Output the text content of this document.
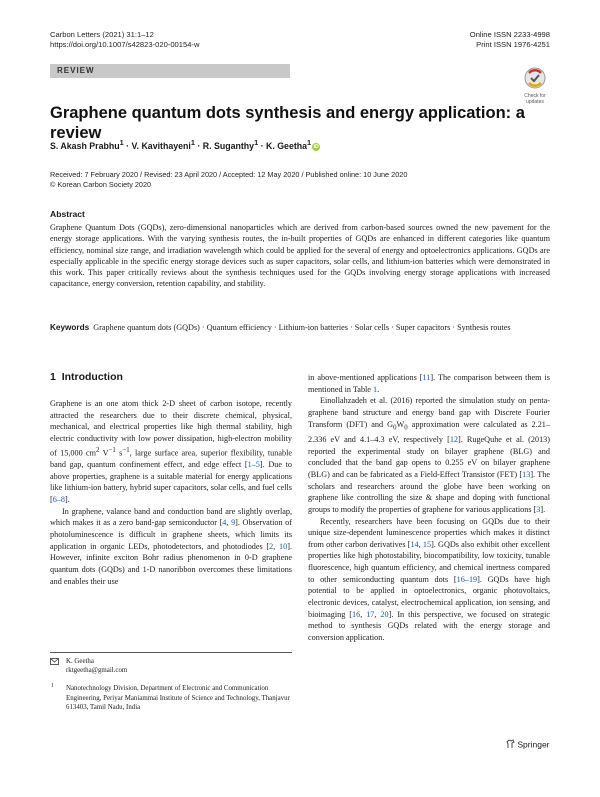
Carbon Letters (2021) 31:1–12
https://doi.org/10.1007/s42823-020-00154-w
Online ISSN 2233-4998
Print ISSN 1976-4251
REVIEW
Check for
updates
Graphene quantum dots synthesis and energy application: a review
S. Akash Prabhu$^1$ · V. Kavithayeni$^1$ · R. Suganthy$^1$ · K. Geetha$^1$ iD
Received: 7 February 2020 / Revised: 23 April 2020 / Accepted: 12 May 2020 / Published online: 10 June 2020
© Korean Carbon Society 2020
Abstract
Graphene Quantum Dots (GQDs), zero-dimensional nanoparticles which are derived from carbon-based sources owned the new pavement for the energy storage applications. With the varying synthesis routes, the in-built properties of GQDs are enhanced in different categories like quantum efficiency, nominal size range, and irradiation wavelength which could be applied for the several of energy and optoelectronics applications. GQDs are especially applicable in the specific energy storage devices such as super capacitors, solar cells, and lithium-ion batteries which were demonstrated in this work. This paper critically reviews about the synthesis techniques used for the GQDs involving energy storage applications with increased capacitance, energy conversion, retention capability, and stability.
Keywords Graphene quantum dots (GQDs) · Quantum efficiency · Lithium-ion batteries · Solar cells · Super capacitors · Synthesis routes
1 Introduction

Graphene is an one atom thick 2-D sheet of carbon isotope, recently attracted the researchers due to their discrete chemical, physical, mechanical, and electrical properties like high thermal stability, high electric conductivity with low power dissipation, high-electron mobility of 15,000 $cm^2$ $V^{-1}$ $s^{-1}$, large surface area, superior flexibility, tunable band gap, quantum confinement effect, and edge effect [1–5]. Due to above properties, graphene is a suitable material for energy applications like lithium-ion battery, hybrid super capacitors, solar cells, and fuel cells [6–8].

In graphene, valance band and conduction band are slightly overlap, which makes it as a zero band-gap semiconductor [4, 9]. Observation of photoluminescence is difficult in graphene sheets, which limits its application in organic LEDs, photodetectors, and photodiodes [2, 10]. However, infinite exciton Bohr radius phenomenon in 0-D graphene quantum dots (GQDs) and 1-D nanoribbon overcomes these limitations and enables their use

K. Geetha
rktgeetha@gmail.com
1 Nanotechnology Division, Department of Electronic and Communication Engineering, Periyar Maniammai Institute of Science and Technology, Thanjavur 613403, Tamil Nadu, India

in above-mentioned applications [11]. The comparison between them is mentioned in Table 1.

Einollahzadeh et al. (2016) reported the simulation study on penta-graphene band structure and energy band gap with Discrete Fourier Transform (DFT) and $G_0W_0$ approximation were calculated as 2.21–2.336 eV and 4.1–4.3 eV, respectively [12]. RugeQuhe et al. (2013) reported the experimental study on bilayer graphene (BLG) and concluded that the band gap opens to 0.255 eV on bilayer graphene (BLG) and can be fabricated as a Field-Effect Transistor (FET) [13]. The scholars and researchers around the globe have been working on graphene like controlling the size & shape and doping with functional groups to modify the properties of graphene for various applications [3].

Recently, researchers have been focusing on GQDs due to their unique size-dependent luminescence properties which makes it distinct from other carbon derivatives [14, 15]. GQDs also exhibit other excellent properties like high photostability, biocompatibility, low toxicity, tunable fluorescence, high quantum efficiency, and chemical inertness compared to other semiconducting quantum dots [16–19]. GQDs have high potential to be applied in optoelectronics, organic photovoltaics, electronic devices, catalyst, electrochemical application, ion sensing, and bioimaging [16, 17, 20]. In this perspective, we focused on strategic method to synthesis GQDs related with the energy storage and conversion application.

Springer
